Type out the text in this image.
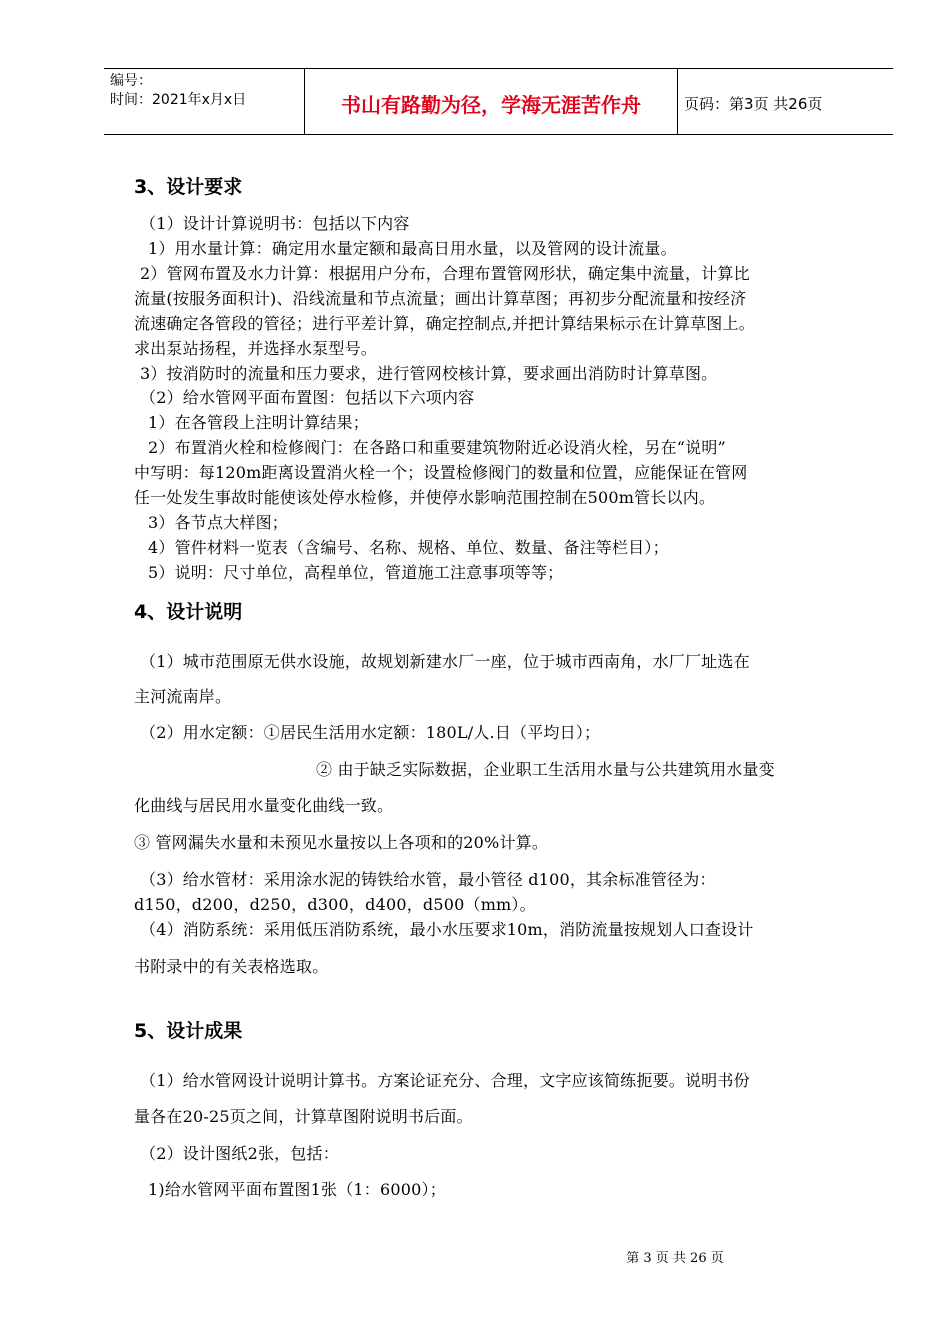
编号：
时间：2021年x月x日	书山有路勤为径，学海无涯苦作舟	页码：第3页 共26页
3、设计要求
（1）设计计算说明书：包括以下内容
1）用水量计算：确定用水量定额和最高日用水量，以及管网的设计流量。
2）管网布置及水力计算：根据用户分布，合理布置管网形状，确定集中流量，计算比
流量(按服务面积计)、沿线流量和节点流量；画出计算草图；再初步分配流量和按经济
流速确定各管段的管径；进行平差计算，确定控制点,并把计算结果标示在计算草图上。
求出泵站扬程，并选择水泵型号。
3）按消防时的流量和压力要求，进行管网校核计算，要求画出消防时计算草图。
（2）给水管网平面布置图：包括以下六项内容
1）在各管段上注明计算结果；
2）布置消火栓和检修阀门：在各路口和重要建筑物附近必设消火栓，另在“说明”
中写明：每120m距离设置消火栓一个；设置检修阀门的数量和位置，应能保证在管网
任一处发生事故时能使该处停水检修，并使停水影响范围控制在500m管长以内。
3）各节点大样图；
4）管件材料一览表（含编号、名称、规格、单位、数量、备注等栏目）；
5）说明：尺寸单位，高程单位，管道施工注意事项等等；
4、设计说明
（1）城市范围原无供水设施，故规划新建水厂一座，位于城市西南角，水厂厂址选在
主河流南岸。
（2）用水定额：①居民生活用水定额：180L/人.日（平均日）；
② 由于缺乏实际数据，企业职工生活用水量与公共建筑用水量变
化曲线与居民用水量变化曲线一致。
③ 管网漏失水量和未预见水量按以上各项和的20%计算。
（3）给水管材：采用涂水泥的铸铁给水管，最小管径 d100，其余标准管径为：
d150，d200，d250，d300，d400，d500（mm）。
（4）消防系统：采用低压消防系统，最小水压要求10m，消防流量按规划人口查设计
书附录中的有关表格选取。
5、设计成果
（1）给水管网设计说明计算书。方案论证充分、合理，文字应该简练扼要。说明书份
量各在20-25页之间，计算草图附说明书后面。
（2）设计图纸2张，包括：
1)给水管网平面布置图1张（1：6000）；
第 3 页 共 26 页
